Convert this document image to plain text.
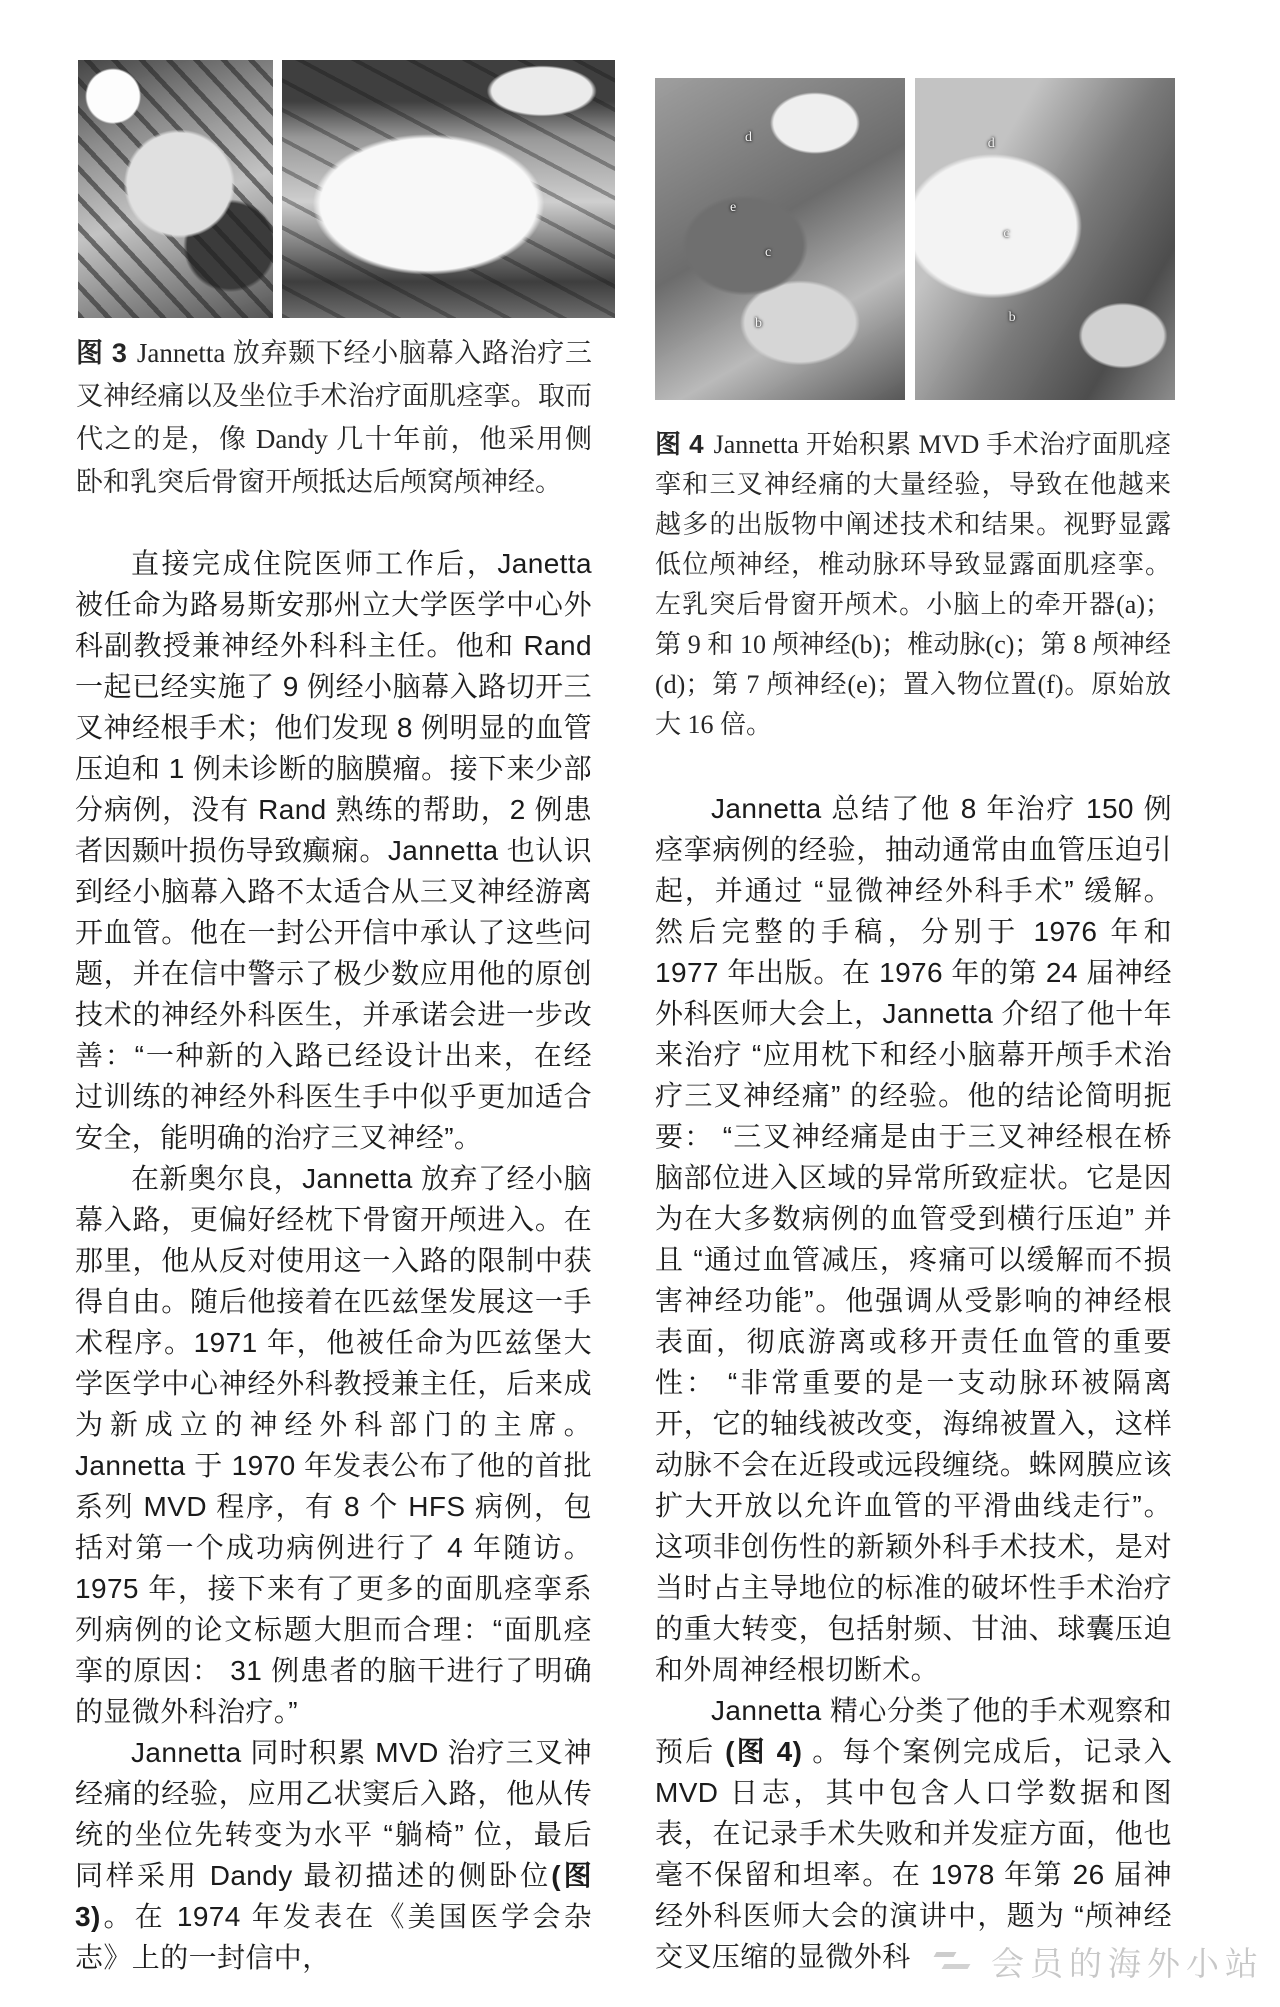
图 3 Jannetta 放弃颞下经小脑幕入路治疗三叉神经痛以及坐位手术治疗面肌痉挛。取而代之的是，像 Dandy 几十年前，他采用侧卧和乳突后骨窗开颅抵达后颅窝颅神经。
d
e
c
b
d
c
b
图 4 Jannetta 开始积累 MVD 手术治疗面肌痉挛和三叉神经痛的大量经验，导致在他越来越多的出版物中阐述技术和结果。视野显露低位颅神经，椎动脉环导致显露面肌痉挛。左乳突后骨窗开颅术。小脑上的牵开器(a)；第 9 和 10 颅神经(b)；椎动脉(c)；第 8 颅神经(d)；第 7 颅神经(e)；置入物位置(f)。原始放大 16 倍。

直接完成住院医师工作后，Janetta 被任命为路易斯安那州立大学医学中心外科副教授兼神经外科科主任。他和 Rand 一起已经实施了 9 例经小脑幕入路切开三叉神经根手术；他们发现 8 例明显的血管压迫和 1 例未诊断的脑膜瘤。接下来少部分病例，没有 Rand 熟练的帮助，2 例患者因颞叶损伤导致癫痫。Jannetta 也认识到经小脑幕入路不太适合从三叉神经游离开血管。他在一封公开信中承认了这些问题，并在信中警示了极少数应用他的原创技术的神经外科医生，并承诺会进一步改善：“一种新的入路已经设计出来，在经过训练的神经外科医生手中似乎更加适合安全，能明确的治疗三叉神经”。

在新奥尔良，Jannetta 放弃了经小脑幕入路，更偏好经枕下骨窗开颅进入。在那里，他从反对使用这一入路的限制中获得自由。随后他接着在匹兹堡发展这一手术程序。1971 年，他被任命为匹兹堡大学医学中心神经外科教授兼主任，后来成为新成立的神经外科部门的主席。Jannetta 于 1970 年发表公布了他的首批系列 MVD 程序，有 8 个 HFS 病例，包括对第一个成功病例进行了 4 年随访。1975 年，接下来有了更多的面肌痉挛系列病例的论文标题大胆而合理：“面肌痉挛的原因： 31 例患者的脑干进行了明确的显微外科治疗。”

Jannetta 同时积累 MVD 治疗三叉神经痛的经验，应用乙状窦后入路，他从传统的坐位先转变为水平 “躺椅” 位，最后同样采用 Dandy 最初描述的侧卧位(图 3)。在 1974 年发表在《美国医学会杂志》上的一封信中，

Jannetta 总结了他 8 年治疗 150 例痉挛病例的经验，抽动通常由血管压迫引起，并通过 “显微神经外科手术” 缓解。然后完整的手稿，分别于 1976 年和 1977 年出版。在 1976 年的第 24 届神经外科医师大会上，Jannetta 介绍了他十年来治疗 “应用枕下和经小脑幕开颅手术治疗三叉神经痛” 的经验。他的结论简明扼要： “三叉神经痛是由于三叉神经根在桥脑部位进入区域的异常所致症状。它是因为在大多数病例的血管受到横行压迫” 并且 “通过血管减压，疼痛可以缓解而不损害神经功能”。他强调从受影响的神经根表面，彻底游离或移开责任血管的重要性： “非常重要的是一支动脉环被隔离开，它的轴线被改变，海绵被置入，这样动脉不会在近段或远段缠绕。蛛网膜应该扩大开放以允许血管的平滑曲线走行”。这项非创伤性的新颖外科手术技术，是对当时占主导地位的标准的破坏性手术治疗的重大转变，包括射频、甘油、球囊压迫和外周神经根切断术。

Jannetta 精心分类了他的手术观察和预后 (图 4) 。每个案例完成后，记录入 MVD 日志，其中包含人口学数据和图表，在记录手术失败和并发症方面，他也毫不保留和坦率。在 1978 年第 26 届神经外科医师大会的演讲中，题为 “颅神经交叉压缩的显微外科	会员的海外小站
